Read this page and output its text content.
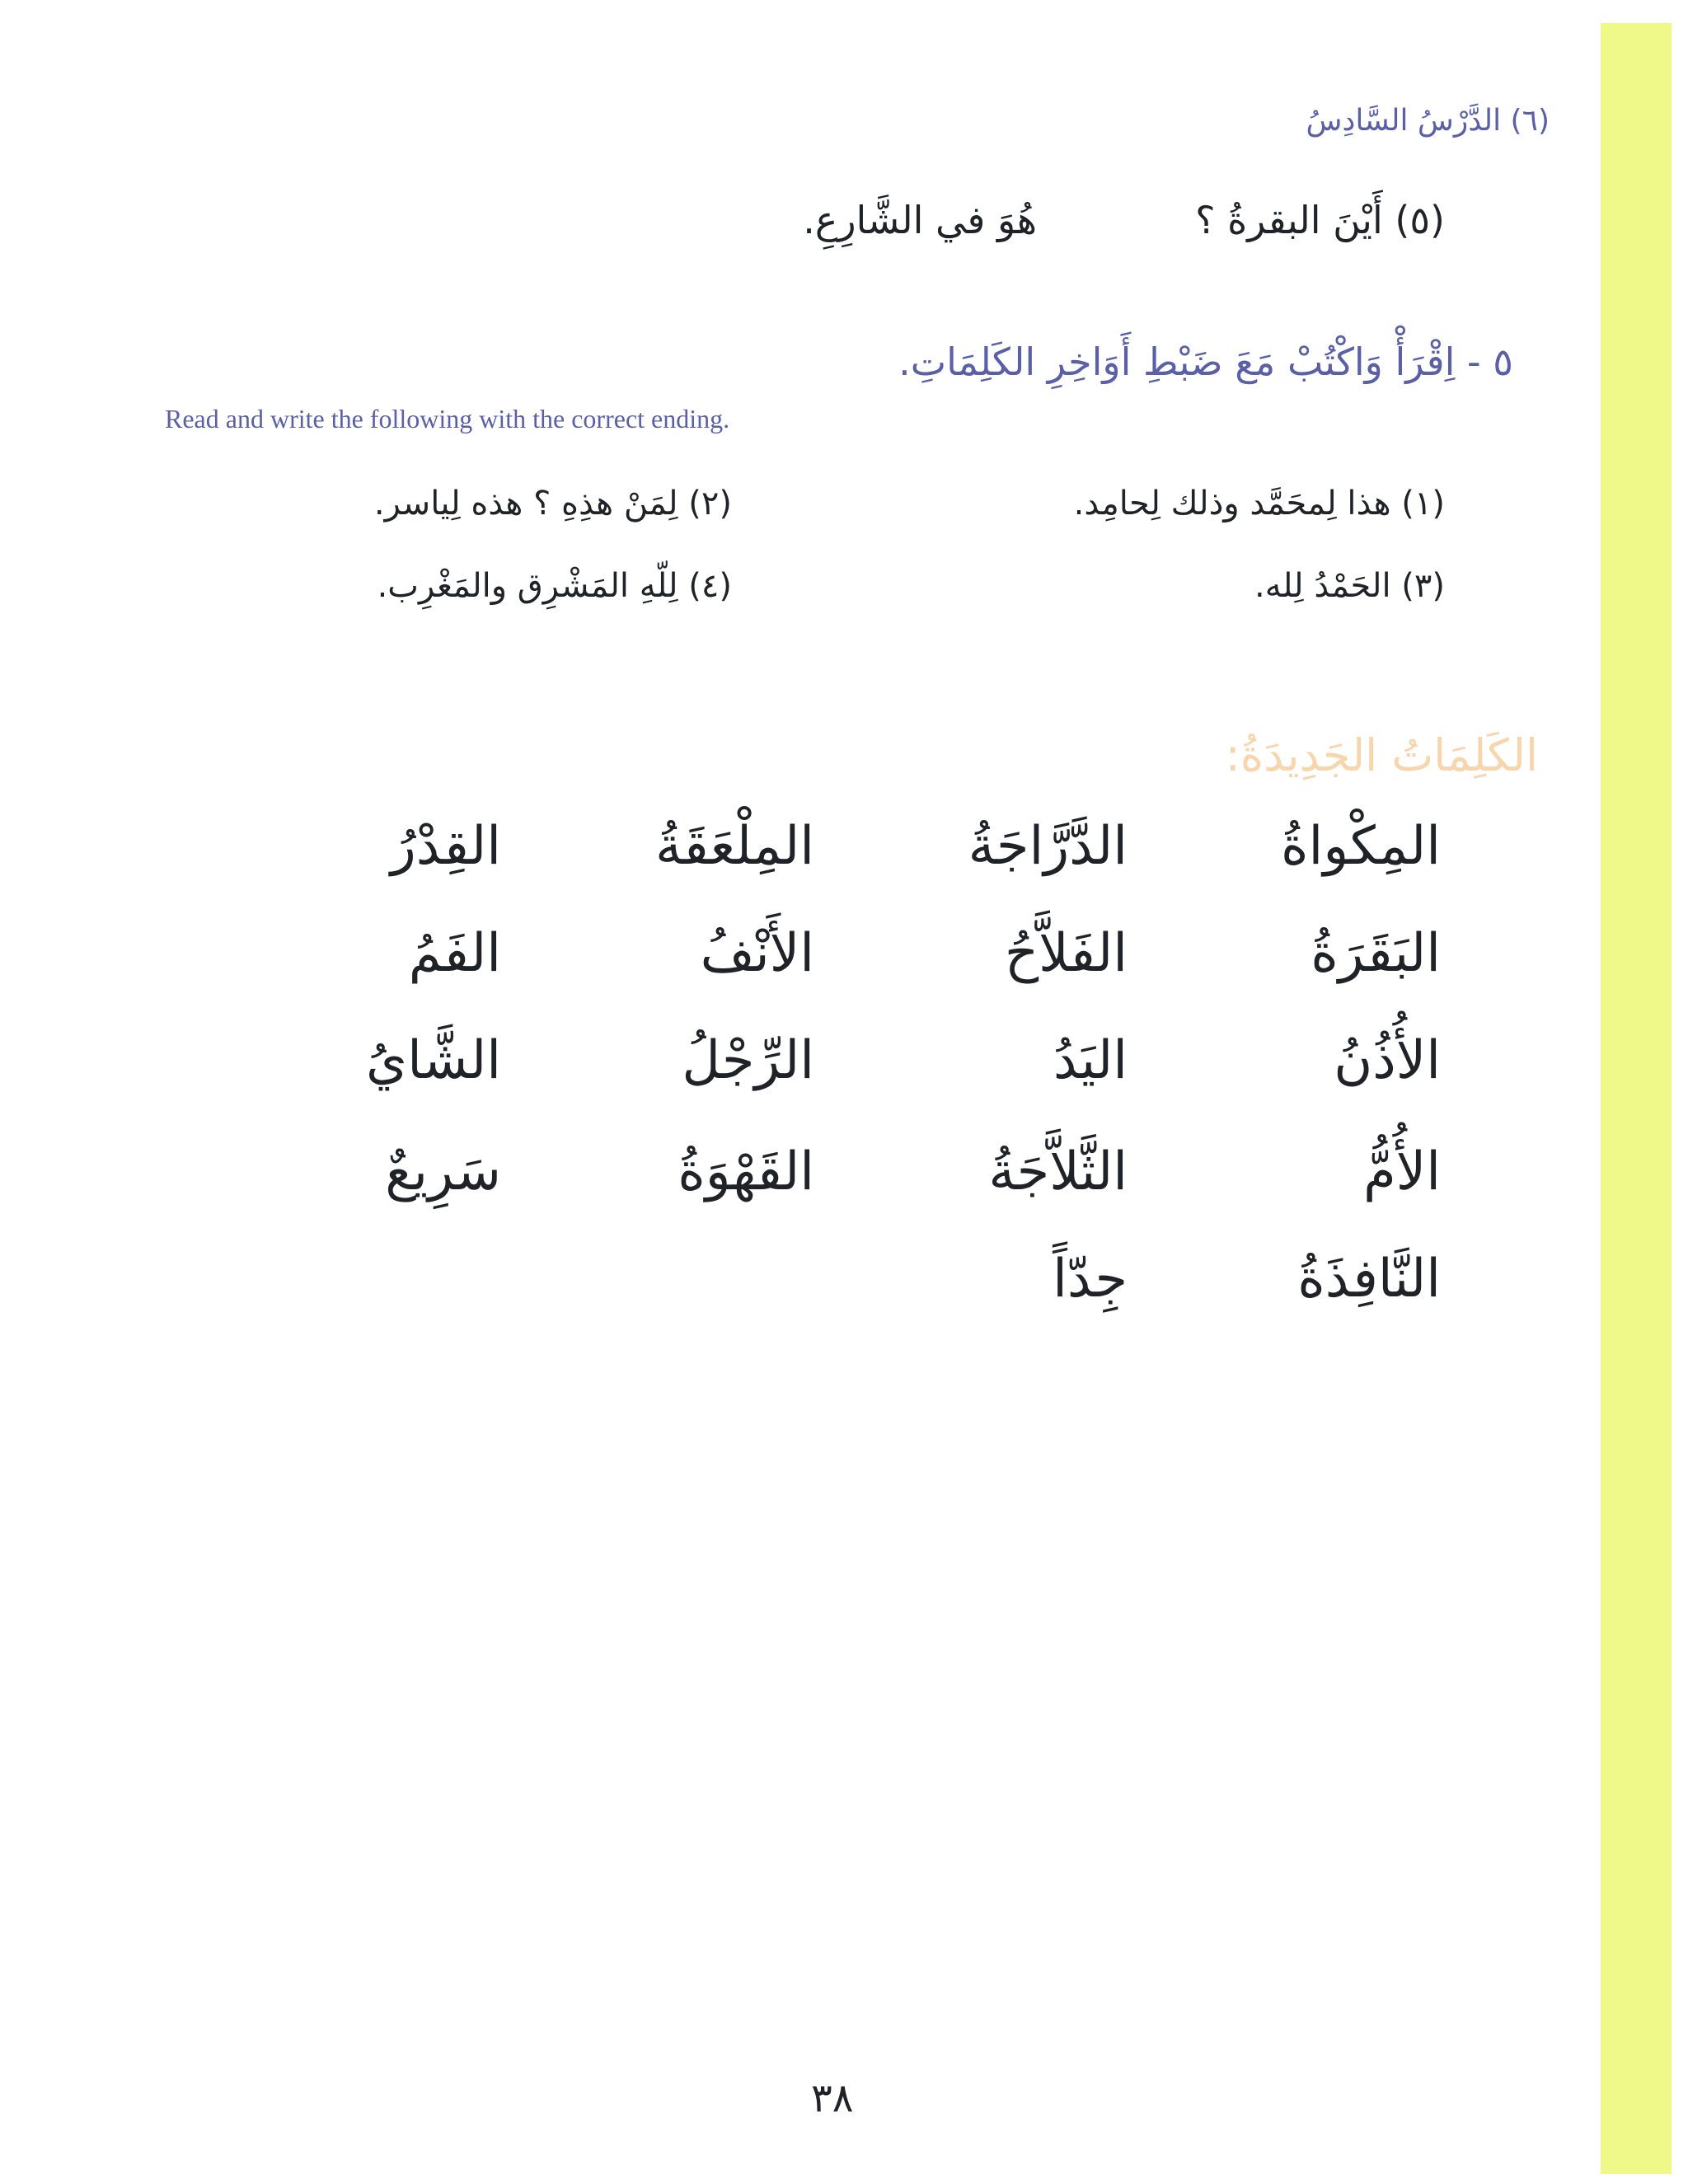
(٦) الدَّرْسُ السَّادِسُ
(٥) أَيْنَ البقرةُ ؟
هُوَ في الشَّارِعِ.
٥ - اِقْرَأْ وَاكْتُبْ مَعَ ضَبْطِ أَوَاخِرِ الكَلِمَاتِ.
Read and write the following with the correct ending.
(١) هذا لِمحَمَّد وذلك لِحامِد.
(٢) لِمَنْ هذِهِ ؟ هذه لِياسر.
(٣) الحَمْدُ لِله.
(٤) لِلّهِ المَشْرِق والمَغْرِب.
الكَلِمَاتُ الجَدِيدَةُ:
المِكْواةُ
الدَّرَّاجَةُ
المِلْعَقَةُ
القِدْرُ
البَقَرَةُ
الفَلاَّحُ
الأَنْفُ
الفَمُ
الأُذُنُ
اليَدُ
الرِّجْلُ
الشَّايُ
الأُمُّ
الثَّلاَّجَةُ
القَهْوَةُ
سَرِيعٌ
النَّافِذَةُ
جِدّاً
٣٨
